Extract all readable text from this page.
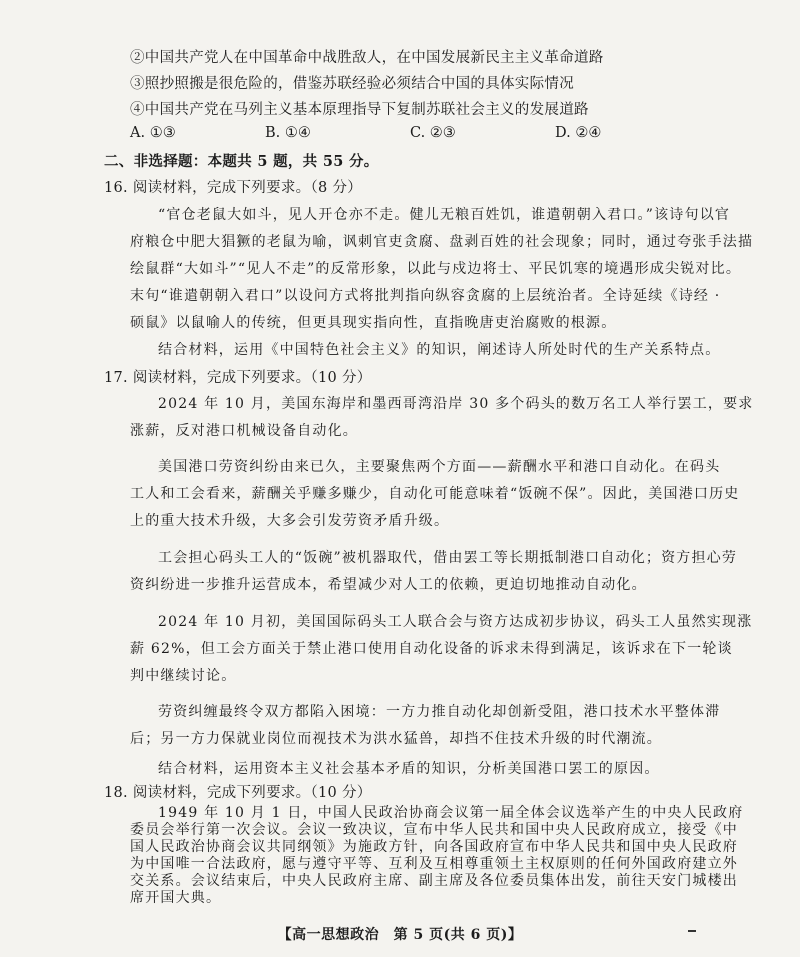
②中国共产党人在中国革命中战胜敌人，在中国发展新民主主义革命道路
③照抄照搬是很危险的，借鉴苏联经验必须结合中国的具体实际情况
④中国共产党在马列主义基本原理指导下复制苏联社会主义的发展道路
A. ①③	B. ①④	C. ②③	D. ②④
二、非选择题：本题共 5 题，共 55 分。
16. 阅读材料，完成下列要求。（8 分）
“官仓老鼠大如斗，见人开仓亦不走。健儿无粮百姓饥，谁遣朝朝入君口。”该诗句以官
府粮仓中肥大猖獗的老鼠为喻，讽刺官吏贪腐、盘剥百姓的社会现象；同时，通过夸张手法描
绘鼠群“大如斗”“见人不走”的反常形象，以此与戍边将士、平民饥寒的境遇形成尖锐对比。
末句“谁遣朝朝入君口”以设问方式将批判指向纵容贪腐的上层统治者。全诗延续《诗经 ·
硕鼠》以鼠喻人的传统，但更具现实指向性，直指晚唐吏治腐败的根源。
结合材料，运用《中国特色社会主义》的知识，阐述诗人所处时代的生产关系特点。
17. 阅读材料，完成下列要求。（10 分）
2024 年 10 月，美国东海岸和墨西哥湾沿岸 30 多个码头的数万名工人举行罢工，要求
涨薪，反对港口机械设备自动化。
美国港口劳资纠纷由来已久，主要聚焦两个方面——薪酬水平和港口自动化。在码头
工人和工会看来，薪酬关乎赚多赚少，自动化可能意味着“饭碗不保”。因此，美国港口历史
上的重大技术升级，大多会引发劳资矛盾升级。
工会担心码头工人的“饭碗”被机器取代，借由罢工等长期抵制港口自动化；资方担心劳
资纠纷进一步推升运营成本，希望减少对人工的依赖，更迫切地推动自动化。
2024 年 10 月初，美国国际码头工人联合会与资方达成初步协议，码头工人虽然实现涨
薪 62%，但工会方面关于禁止港口使用自动化设备的诉求未得到满足，该诉求在下一轮谈
判中继续讨论。
劳资纠缠最终令双方都陷入困境：一方力推自动化却创新受阻，港口技术水平整体滞
后；另一方力保就业岗位而视技术为洪水猛兽，却挡不住技术升级的时代潮流。
结合材料，运用资本主义社会基本矛盾的知识，分析美国港口罢工的原因。
18. 阅读材料，完成下列要求。（10 分）
1949 年 10 月 1 日，中国人民政治协商会议第一届全体会议选举产生的中央人民政府
委员会举行第一次会议。会议一致决议，宣布中华人民共和国中央人民政府成立，接受《中
国人民政治协商会议共同纲领》为施政方针，向各国政府宣布中华人民共和国中央人民政府
为中国唯一合法政府，愿与遵守平等、互利及互相尊重领土主权原则的任何外国政府建立外
交关系。会议结束后，中央人民政府主席、副主席及各位委员集体出发，前往天安门城楼出
席开国大典。
【高一思想政治　第 5 页(共 6 页)】
